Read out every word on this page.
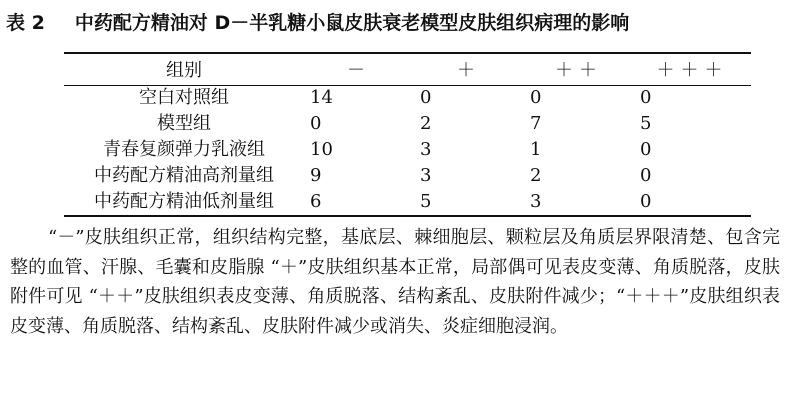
表 2 中药配方精油对 D－半乳糖小鼠皮肤衰老模型皮肤组织病理的影响
组别	－	＋	＋＋	＋＋＋
空白对照组	14	0	0	0
模型组	0	2	7	5
青春复颜弹力乳液组	10	3	1	0
中药配方精油高剂量组	9	3	2	0
中药配方精油低剂量组	6	5	3	0

“－”皮肤组织正常，组织结构完整，基底层、棘细胞层、颗粒层及角质层界限清楚、包含完整的血管、汗腺、毛囊和皮脂腺 “＋”皮肤组织基本正常，局部偶可见表皮变薄、角质脱落，皮肤附件可见 “＋＋”皮肤组织表皮变薄、角质脱落、结构紊乱、皮肤附件减少；“＋＋＋”皮肤组织表皮变薄、角质脱落、结构紊乱、皮肤附件减少或消失、炎症细胞浸润。
